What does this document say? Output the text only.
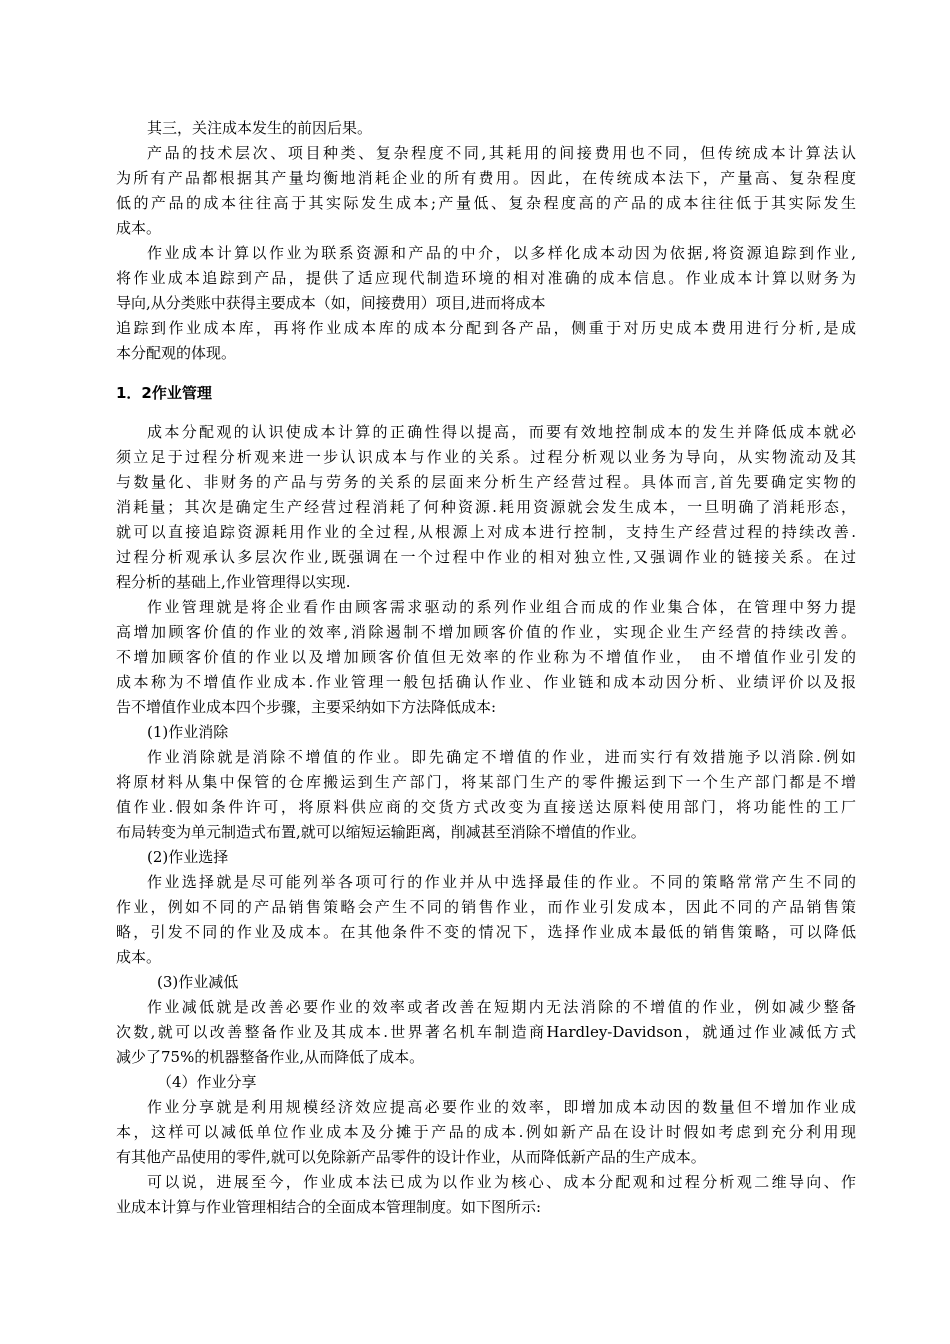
其三，关注成本发生的前因后果。
产品的技术层次、项目种类、复杂程度不同,其耗用的间接费用也不同，但传统成本计算法认
为所有产品都根据其产量均衡地消耗企业的所有费用。因此，在传统成本法下，产量高、复杂程度
低的产品的成本往往高于其实际发生成本;产量低、复杂程度高的产品的成本往往低于其实际发生
成本。
作业成本计算以作业为联系资源和产品的中介，以多样化成本动因为依据,将资源追踪到作业,
将作业成本追踪到产品，提供了适应现代制造环境的相对准确的成本信息。作业成本计算以财务为
导向,从分类账中获得主要成本（如，间接费用）项目,进而将成本
追踪到作业成本库，再将作业成本库的成本分配到各产品，侧重于对历史成本费用进行分析,是成
本分配观的体现。
1．2作业管理
成本分配观的认识使成本计算的正确性得以提高，而要有效地控制成本的发生并降低成本就必
须立足于过程分析观来进一步认识成本与作业的关系。过程分析观以业务为导向，从实物流动及其
与数量化、非财务的产品与劳务的关系的层面来分析生产经营过程。具体而言,首先要确定实物的
消耗量；其次是确定生产经营过程消耗了何种资源.耗用资源就会发生成本，一旦明确了消耗形态，
就可以直接追踪资源耗用作业的全过程,从根源上对成本进行控制，支持生产经营过程的持续改善.
过程分析观承认多层次作业,既强调在一个过程中作业的相对独立性,又强调作业的链接关系。在过
程分析的基础上,作业管理得以实现.
作业管理就是将企业看作由顾客需求驱动的系列作业组合而成的作业集合体，在管理中努力提
高增加顾客价值的作业的效率,消除遏制不增加顾客价值的作业，实现企业生产经营的持续改善。
不增加顾客价值的作业以及增加顾客价值但无效率的作业称为不增值作业， 由不增值作业引发的
成本称为不增值作业成本.作业管理一般包括确认作业、作业链和成本动因分析、业绩评价以及报
告不增值作业成本四个步骤，主要采纳如下方法降低成本:
(1)作业消除
作业消除就是消除不增值的作业。即先确定不增值的作业，进而实行有效措施予以消除.例如
将原材料从集中保管的仓库搬运到生产部门，将某部门生产的零件搬运到下一个生产部门都是不增
值作业.假如条件许可，将原料供应商的交货方式改变为直接送达原料使用部门，将功能性的工厂
布局转变为单元制造式布置,就可以缩短运输距离，削减甚至消除不增值的作业。
(2)作业选择
作业选择就是尽可能列举各项可行的作业并从中选择最佳的作业。不同的策略常常产生不同的
作业，例如不同的产品销售策略会产生不同的销售作业，而作业引发成本，因此不同的产品销售策
略，引发不同的作业及成本。在其他条件不变的情况下，选择作业成本最低的销售策略，可以降低
成本。
(3)作业减低
作业减低就是改善必要作业的效率或者改善在短期内无法消除的不增值的作业，例如减少整备
次数,就可以改善整备作业及其成本.世界著名机车制造商Hardley-Davidson，就通过作业减低方式
减少了75%的机器整备作业,从而降低了成本。
（4）作业分享
作业分享就是利用规模经济效应提高必要作业的效率，即增加成本动因的数量但不增加作业成
本，这样可以减低单位作业成本及分摊于产品的成本.例如新产品在设计时假如考虑到充分利用现
有其他产品使用的零件,就可以免除新产品零件的设计作业，从而降低新产品的生产成本。
可以说，进展至今，作业成本法已成为以作业为核心、成本分配观和过程分析观二维导向、作
业成本计算与作业管理相结合的全面成本管理制度。如下图所示:
